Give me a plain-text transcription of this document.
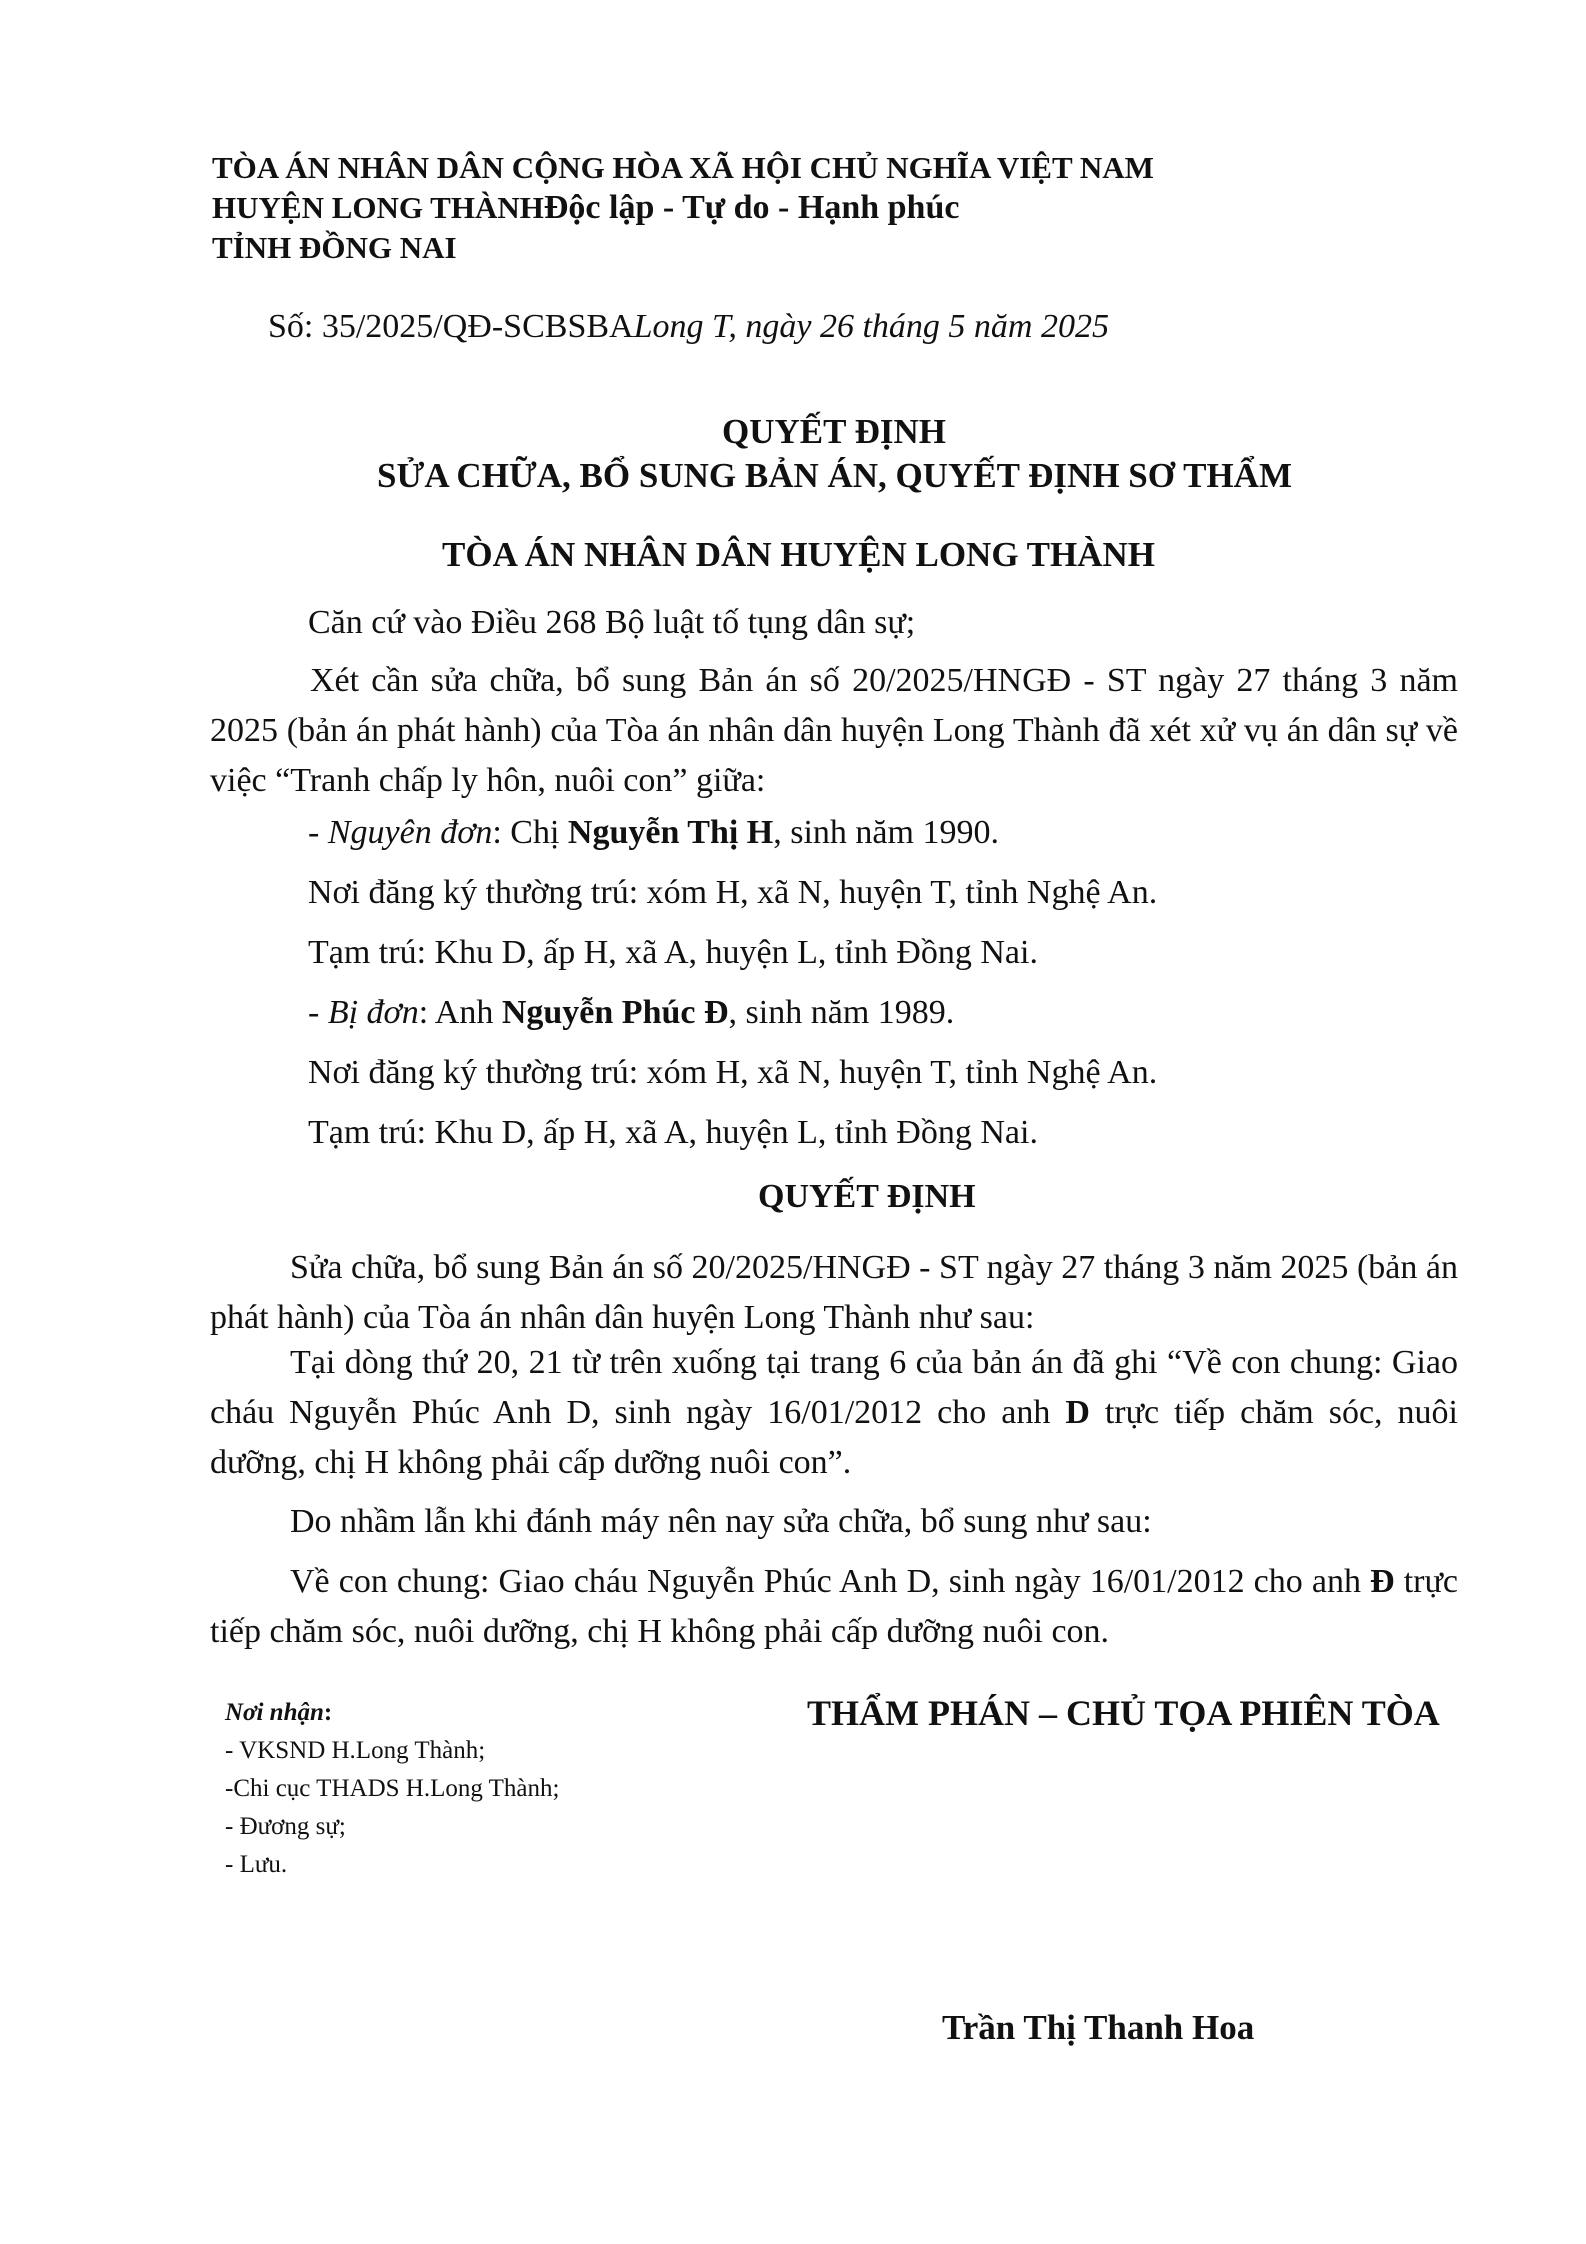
TÒA ÁN NHÂN DÂN CỘNG HÒA XÃ HỘI CHỦ NGHĨA VIỆT NAM
HUYỆN LONG THÀNHĐộc lập - Tự do - Hạnh phúc
TỈNH ĐỒNG NAI
Số: 35/2025/QĐ-SCBSBALong T, ngày 26 tháng 5 năm 2025
QUYẾT ĐỊNH
SỬA CHỮA, BỔ SUNG BẢN ÁN, QUYẾT ĐỊNH SƠ THẨM
TÒA ÁN NHÂN DÂN HUYỆN LONG THÀNH
Căn cứ vào Điều 268 Bộ luật tố tụng dân sự;

Xét cần sửa chữa, bổ sung Bản án số 20/2025/HNGĐ - ST ngày 27 tháng 3 năm 2025 (bản án phát hành) của Tòa án nhân dân huyện Long Thành đã xét xử vụ án dân sự về việc “Tranh chấp ly hôn, nuôi con” giữa:

- Nguyên đơn: Chị Nguyễn Thị H, sinh năm 1990.
Nơi đăng ký thường trú: xóm H, xã N, huyện T, tỉnh Nghệ An.
Tạm trú: Khu D, ấp H, xã A, huyện L, tỉnh Đồng Nai.
- Bị đơn: Anh Nguyễn Phúc Đ, sinh năm 1989.
Nơi đăng ký thường trú: xóm H, xã N, huyện T, tỉnh Nghệ An.
Tạm trú: Khu D, ấp H, xã A, huyện L, tỉnh Đồng Nai.
QUYẾT ĐỊNH

Sửa chữa, bổ sung Bản án số 20/2025/HNGĐ - ST ngày 27 tháng 3 năm 2025 (bản án phát hành) của Tòa án nhân dân huyện Long Thành như sau:

Tại dòng thứ 20, 21 từ trên xuống tại trang 6 của bản án đã ghi “Về con chung: Giao cháu Nguyễn Phúc Anh D, sinh ngày 16/01/2012 cho anh D trực tiếp chăm sóc, nuôi dưỡng, chị H không phải cấp dưỡng nuôi con”.

Do nhầm lẫn khi đánh máy nên nay sửa chữa, bổ sung như sau:

Về con chung: Giao cháu Nguyễn Phúc Anh D, sinh ngày 16/01/2012 cho anh Đ trực tiếp chăm sóc, nuôi dưỡng, chị H không phải cấp dưỡng nuôi con.

Nơi nhận:
- VKSND H.Long Thành;
-Chi cục THADS H.Long Thành;
- Đương sự;
- Lưu.
THẨM PHÁN – CHỦ TỌA PHIÊN TÒA
Trần Thị Thanh Hoa
